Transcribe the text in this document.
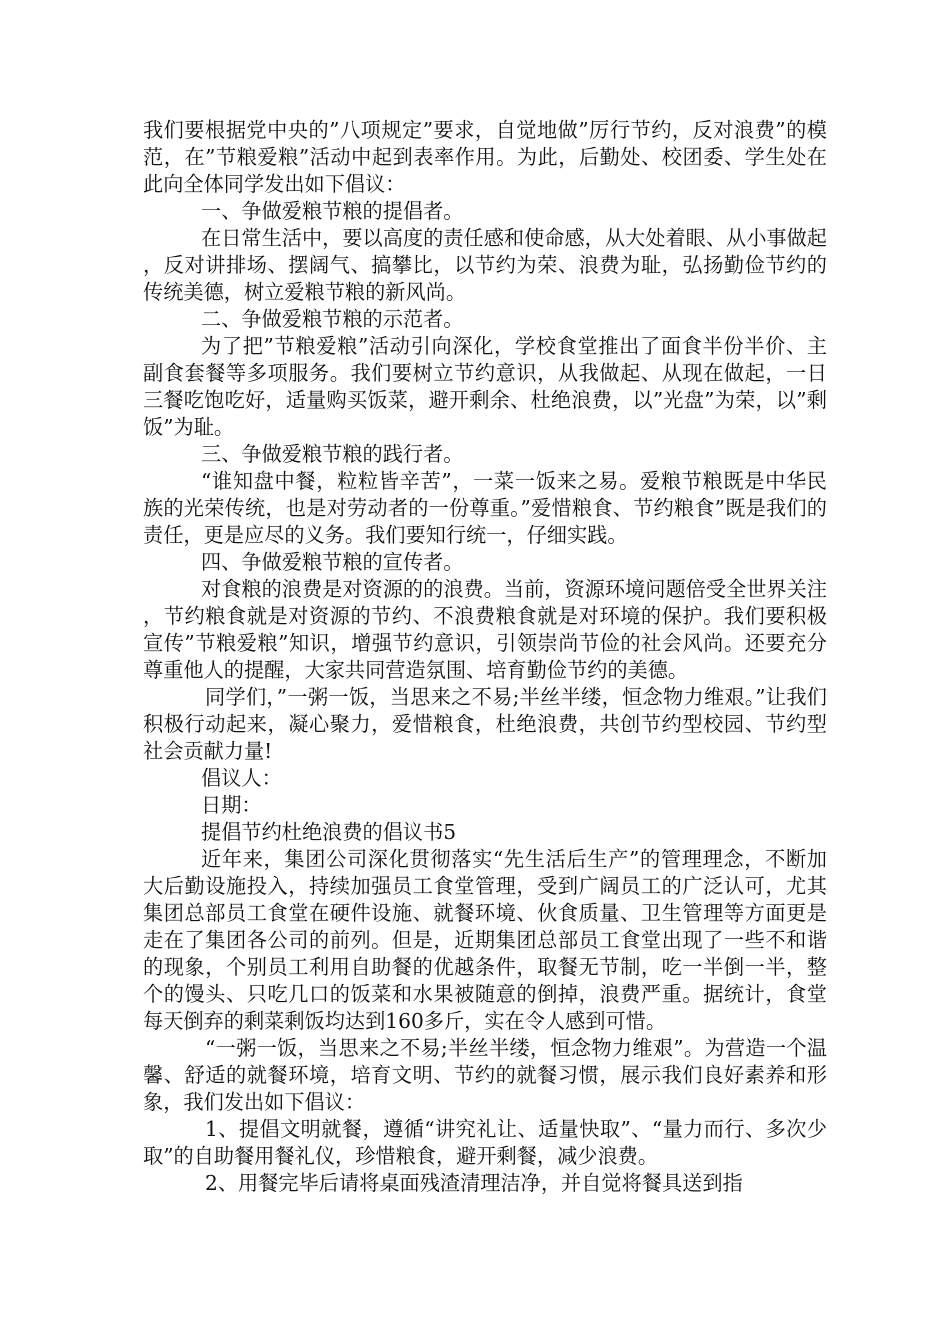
我们要根据党中央的”八项规定”要求，自觉地做”厉行节约，反对浪费”的模范，在”节粮爱粮”活动中起到表率作用。为此，后勤处、校团委、学生处在此向全体同学发出如下倡议：

一、争做爱粮节粮的提倡者。

在日常生活中，要以高度的责任感和使命感，从大处着眼、从小事做起，反对讲排场、摆阔气、搞攀比，以节约为荣、浪费为耻，弘扬勤俭节约的传统美德，树立爱粮节粮的新风尚。

二、争做爱粮节粮的示范者。

为了把”节粮爱粮”活动引向深化，学校食堂推出了面食半份半价、主副食套餐等多项服务。我们要树立节约意识，从我做起、从现在做起，一日三餐吃饱吃好，适量购买饭菜，避开剩余、杜绝浪费，以”光盘”为荣，以”剩饭”为耻。

三、争做爱粮节粮的践行者。

“谁知盘中餐，粒粒皆辛苦”，一菜一饭来之易。爱粮节粮既是中华民族的光荣传统，也是对劳动者的一份尊重。”爱惜粮食、节约粮食”既是我们的责任，更是应尽的义务。我们要知行统一，仔细实践。

四、争做爱粮节粮的宣传者。

对食粮的浪费是对资源的的浪费。当前，资源环境问题倍受全世界关注，节约粮食就是对资源的节约、不浪费粮食就是对环境的保护。我们要积极宣传”节粮爱粮”知识，增强节约意识，引领崇尚节俭的社会风尚。还要充分尊重他人的提醒，大家共同营造氛围、培育勤俭节约的美德。

同学们，”一粥一饭，当思来之不易;半丝半缕，恒念物力维艰。”让我们积极行动起来，凝心聚力，爱惜粮食，杜绝浪费，共创节约型校园、节约型社会贡献力量!

倡议人：

日期：

提倡节约杜绝浪费的倡议书5

近年来，集团公司深化贯彻落实“先生活后生产”的管理理念，不断加大后勤设施投入，持续加强员工食堂管理，受到广阔员工的广泛认可，尤其集团总部员工食堂在硬件设施、就餐环境、伙食质量、卫生管理等方面更是走在了集团各公司的前列。但是，近期集团总部员工食堂出现了一些不和谐的现象，个别员工利用自助餐的优越条件，取餐无节制，吃一半倒一半，整个的馒头、只吃几口的饭菜和水果被随意的倒掉，浪费严重。据统计，食堂每天倒弃的剩菜剩饭均达到160多斤，实在令人感到可惜。

“一粥一饭，当思来之不易;半丝半缕，恒念物力维艰”。为营造一个温馨、舒适的就餐环境，培育文明、节约的就餐习惯，展示我们良好素养和形象，我们发出如下倡议：

1、提倡文明就餐，遵循“讲究礼让、适量快取”、“量力而行、多次少取”的自助餐用餐礼仪，珍惜粮食，避开剩餐，减少浪费。

2、用餐完毕后请将桌面残渣清理洁净，并自觉将餐具送到指
